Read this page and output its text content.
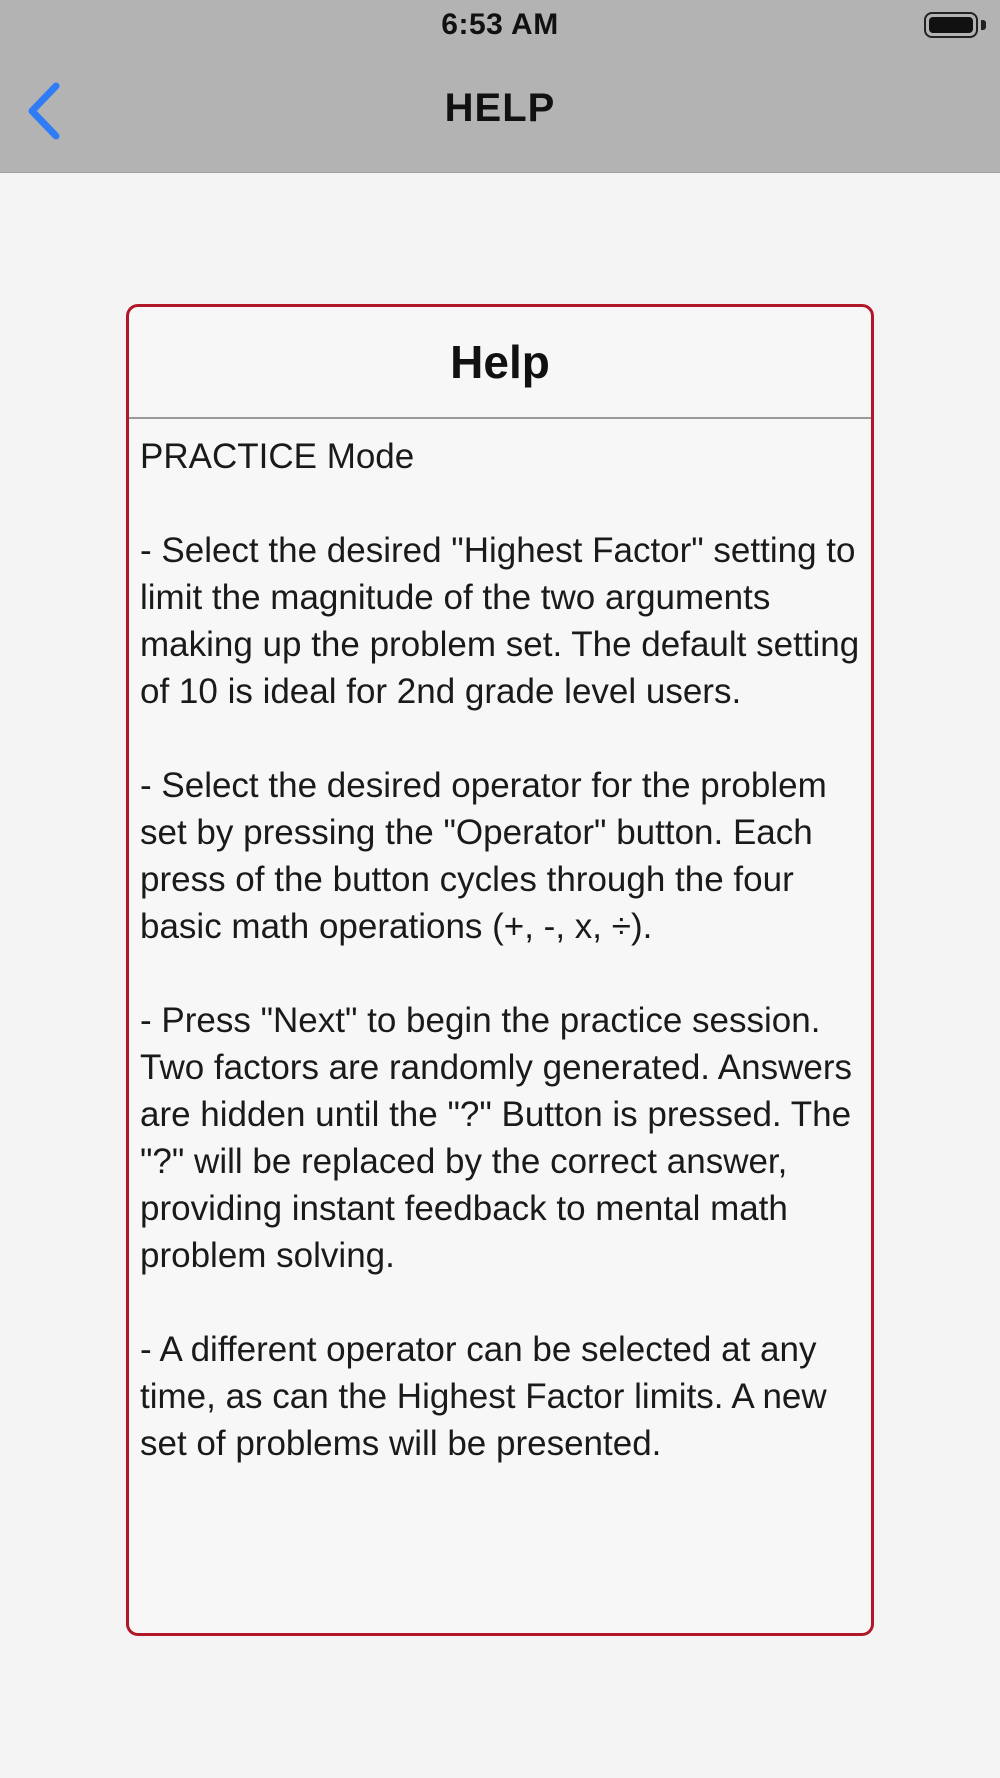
6:53 AM
HELP
Help

PRACTICE Mode

- Select the desired "Highest Factor" setting to limit the magnitude of the two arguments making up the problem set. The default setting of 10 is ideal for 2nd grade level users.

- Select the desired operator for the problem set by pressing the "Operator" button. Each press of the button cycles through the four basic math operations (+, -, x, ÷).

- Press "Next" to begin the practice session. Two factors are randomly generated. Answers are hidden until the "?" Button is pressed. The "?" will be replaced by the correct answer, providing instant feedback to mental math problem solving.

- A different operator can be selected at any time, as can the Highest Factor limits. A new set of problems will be presented.
